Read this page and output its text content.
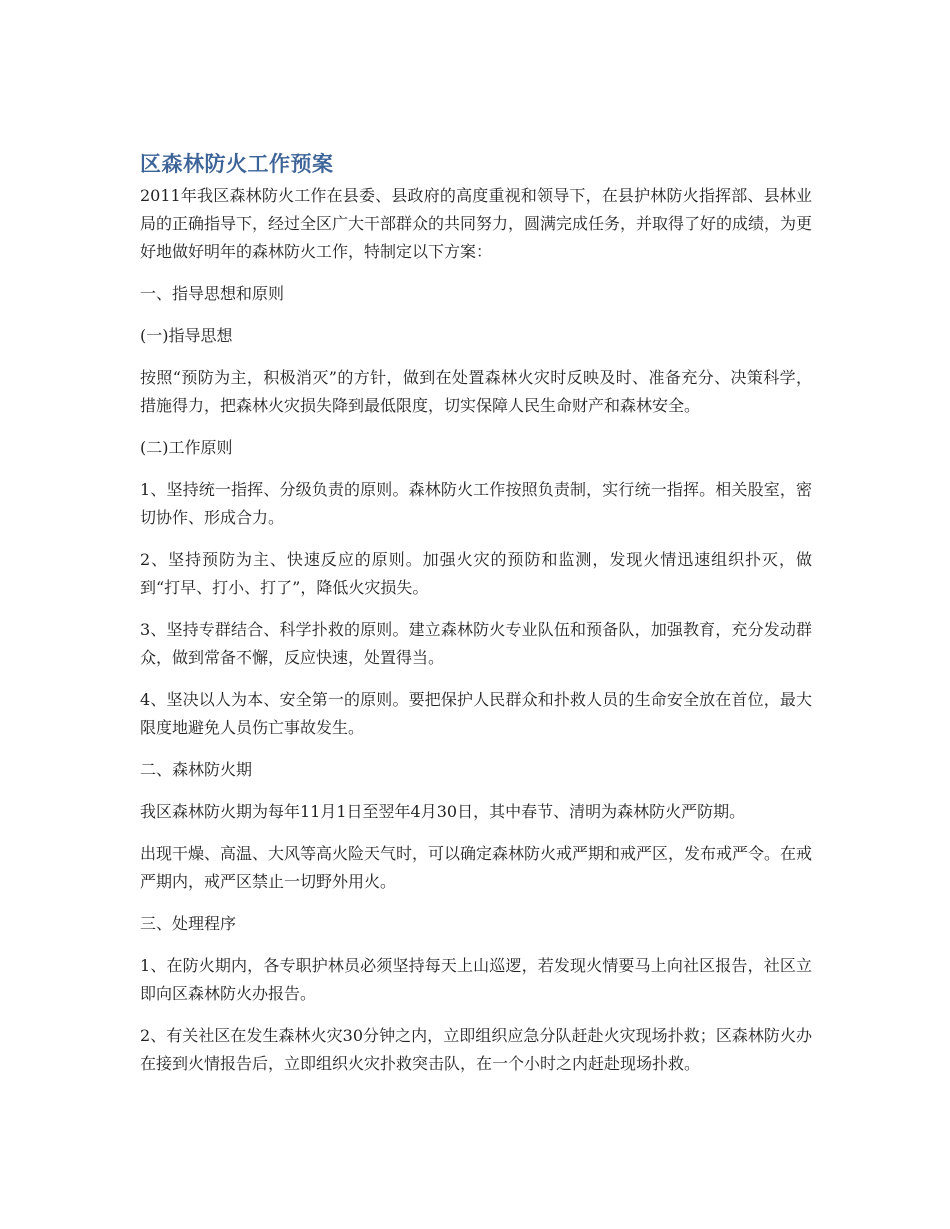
区森林防火工作预案

2011年我区森林防火工作在县委、县政府的高度重视和领导下，在县护林防火指挥部、县林业局的正确指导下，经过全区广大干部群众的共同努力，圆满完成任务，并取得了好的成绩，为更好地做好明年的森林防火工作，特制定以下方案：

一、指导思想和原则

(一)指导思想

按照“预防为主，积极消灭”的方针，做到在处置森林火灾时反映及时、准备充分、决策科学，措施得力，把森林火灾损失降到最低限度，切实保障人民生命财产和森林安全。

(二)工作原则

1、坚持统一指挥、分级负责的原则。森林防火工作按照负责制，实行统一指挥。相关股室，密切协作、形成合力。

2、坚持预防为主、快速反应的原则。加强火灾的预防和监测，发现火情迅速组织扑灭，做到“打早、打小、打了”，降低火灾损失。

3、坚持专群结合、科学扑救的原则。建立森林防火专业队伍和预备队，加强教育，充分发动群众，做到常备不懈，反应快速，处置得当。

4、坚决以人为本、安全第一的原则。要把保护人民群众和扑救人员的生命安全放在首位，最大限度地避免人员伤亡事故发生。

二、森林防火期

我区森林防火期为每年11月1日至翌年4月30日，其中春节、清明为森林防火严防期。

出现干燥、高温、大风等高火险天气时，可以确定森林防火戒严期和戒严区，发布戒严令。在戒严期内，戒严区禁止一切野外用火。

三、处理程序

1、在防火期内，各专职护林员必须坚持每天上山巡逻，若发现火情要马上向社区报告，社区立即向区森林防火办报告。

2、有关社区在发生森林火灾30分钟之内，立即组织应急分队赶赴火灾现场扑救；区森林防火办在接到火情报告后，立即组织火灾扑救突击队，在一个小时之内赶赴现场扑救。
